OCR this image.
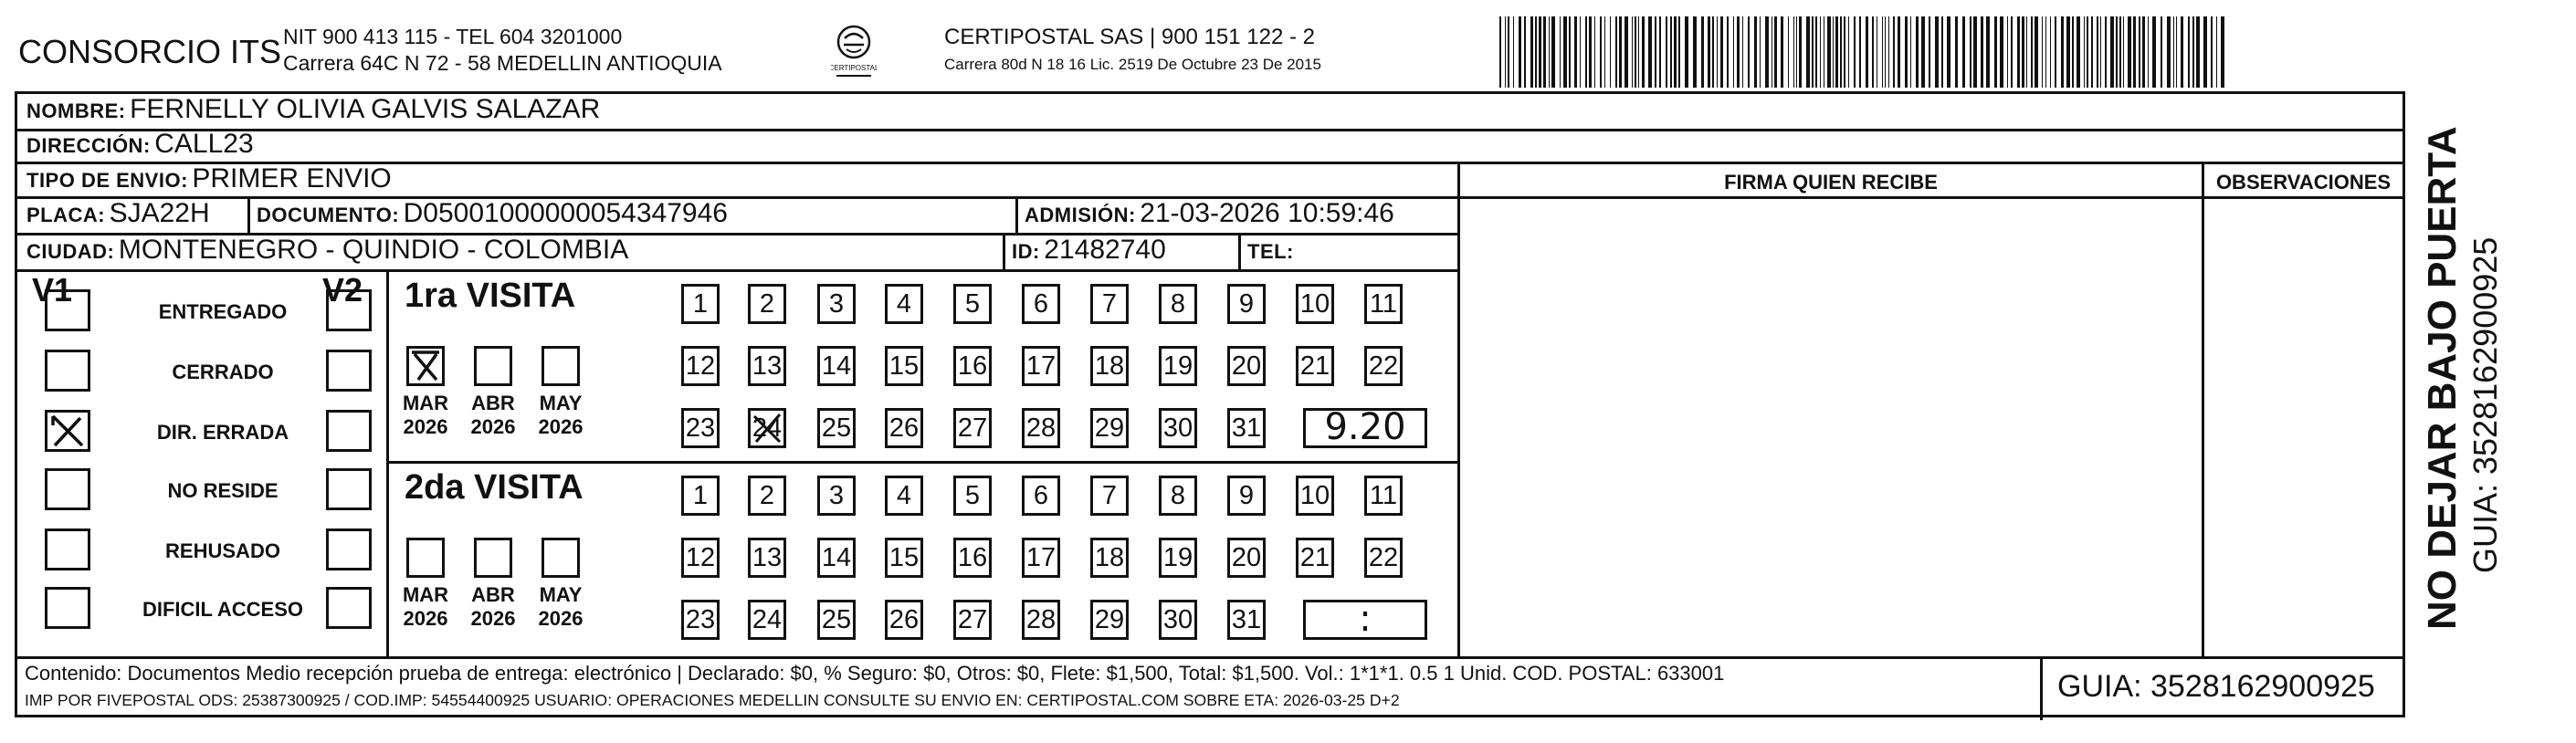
CONSORCIO ITS NIT 900 413 115 - TEL 604 3201000
Carrera 64C N 72 - 58 MEDELLIN ANTIOQUIA	CERTIPOSTAL
CERTIPOSTAL SAS | 900 151 122 - 2
Carrera 80d N 18 16 Lic. 2519 De Octubre 23 De 2015
NOMBRE: FERNELLY OLIVIA GALVIS SALAZAR
DIRECCIÓN: CALL23
TIPO DE ENVIO: PRIMER ENVIO	FIRMA QUIEN RECIBE	OBSERVACIONES
PLACA: SJA22H DOCUMENTO: D05001000000054347946	ADMISIÓN: 21-03-2026 10:59:46
CIUDAD: MONTENEGRO - QUINDIO - COLOMBIA	ID: 21482740	TEL:
V1	V2
ENTREGADO
CERRADO
DIR. ERRADA
NO RESIDE
REHUSADO
DIFICIL ACCESO
1ra VISITA
MAR
2026
ABR
2026
MAY
2026
1	2	3	4	5	6	7	8	9	10 11
12 13 14 15 16 17 18 19 20 21 22
23 24 25 26 27 28 29 30 31	9.20
2da VISITA
MAR
2026
ABR
2026
MAY
2026
1	2	3	4	5	6	7	8	9	10 11
12 13 14 15 16 17 18 19 20 21 22
23 24 25 26 27 28 29 30 31	:
Contenido: Documentos Medio recepción prueba de entrega: electrónico | Declarado: $0, % Seguro: $0, Otros: $0, Flete: $1,500, Total: $1,500. Vol.: 1*1*1. 0.5 1 Unid. COD. POSTAL: 633001
IMP POR FIVEPOSTAL ODS: 25387300925 / COD.IMP: 54554400925 USUARIO: OPERACIONES MEDELLIN CONSULTE SU ENVIO EN: CERTIPOSTAL.COM SOBRE ETA: 2026-03-25 D+2	GUIA: 3528162900925
NO DEJAR BAJO PUERTA GUIA: 3528162900925
